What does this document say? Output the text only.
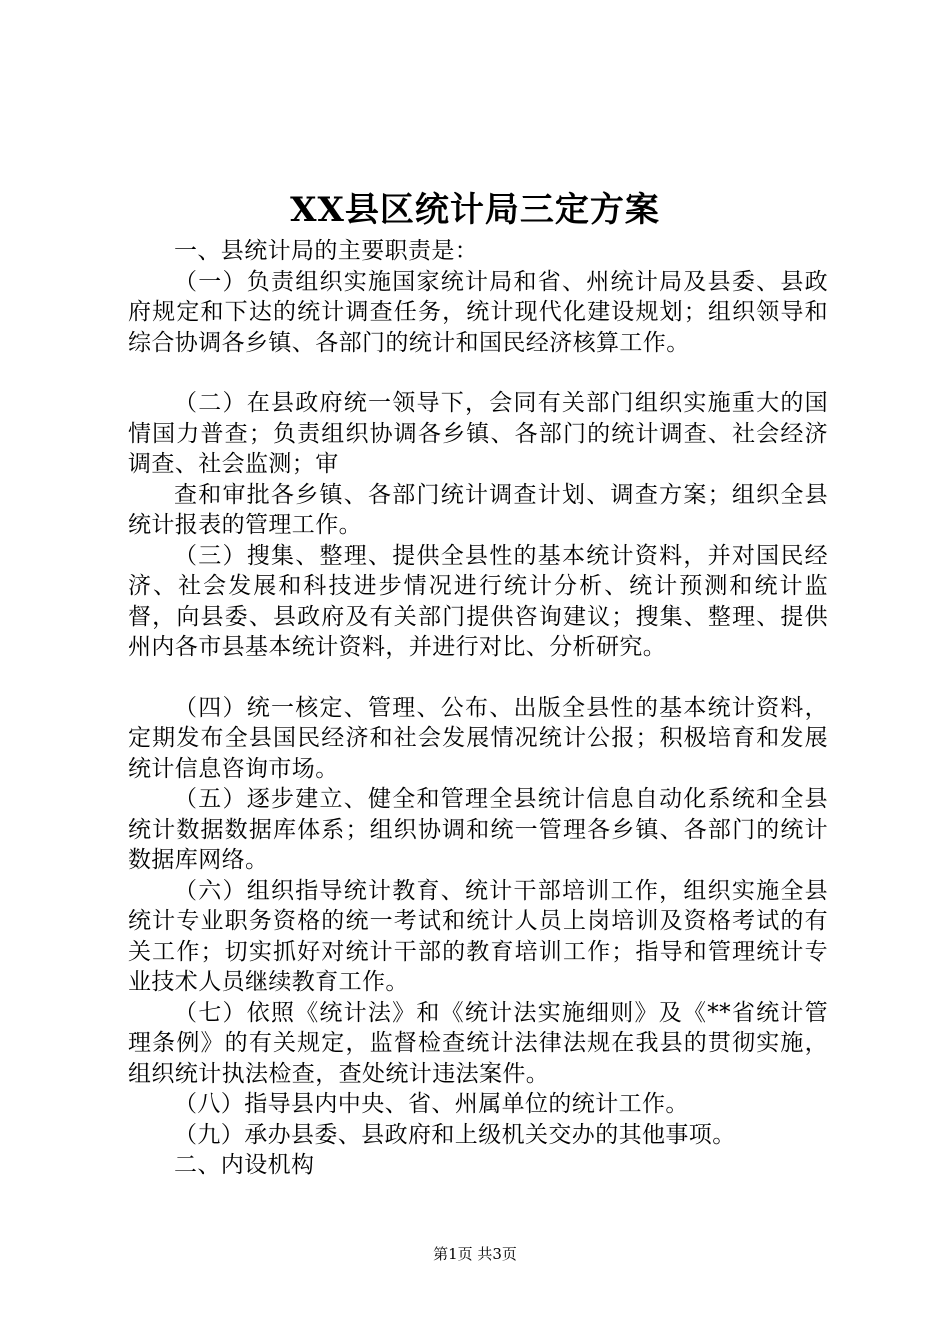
XX县区统计局三定方案

一、县统计局的主要职责是：

（一）负责组织实施国家统计局和省、州统计局及县委、县政府规定和下达的统计调查任务，统计现代化建设规划；组织领导和综合协调各乡镇、各部门的统计和国民经济核算工作。

（二）在县政府统一领导下，会同有关部门组织实施重大的国情国力普查；负责组织协调各乡镇、各部门的统计调查、社会经济调查、社会监测；审

查和审批各乡镇、各部门统计调查计划、调查方案；组织全县统计报表的管理工作。

（三）搜集、整理、提供全县性的基本统计资料，并对国民经济、社会发展和科技进步情况进行统计分析、统计预测和统计监督，向县委、县政府及有关部门提供咨询建议；搜集、整理、提供州内各市县基本统计资料，并进行对比、分析研究。

（四）统一核定、管理、公布、出版全县性的基本统计资料，定期发布全县国民经济和社会发展情况统计公报；积极培育和发展统计信息咨询市场。

（五）逐步建立、健全和管理全县统计信息自动化系统和全县统计数据数据库体系；组织协调和统一管理各乡镇、各部门的统计数据库网络。

（六）组织指导统计教育、统计干部培训工作，组织实施全县统计专业职务资格的统一考试和统计人员上岗培训及资格考试的有关工作；切实抓好对统计干部的教育培训工作；指导和管理统计专业技术人员继续教育工作。

（七）依照《统计法》和《统计法实施细则》及《**省统计管理条例》的有关规定，监督检查统计法律法规在我县的贯彻实施，组织统计执法检查，查处统计违法案件。

（八）指导县内中央、省、州属单位的统计工作。

（九）承办县委、县政府和上级机关交办的其他事项。

二、内设机构

第1页 共3页
